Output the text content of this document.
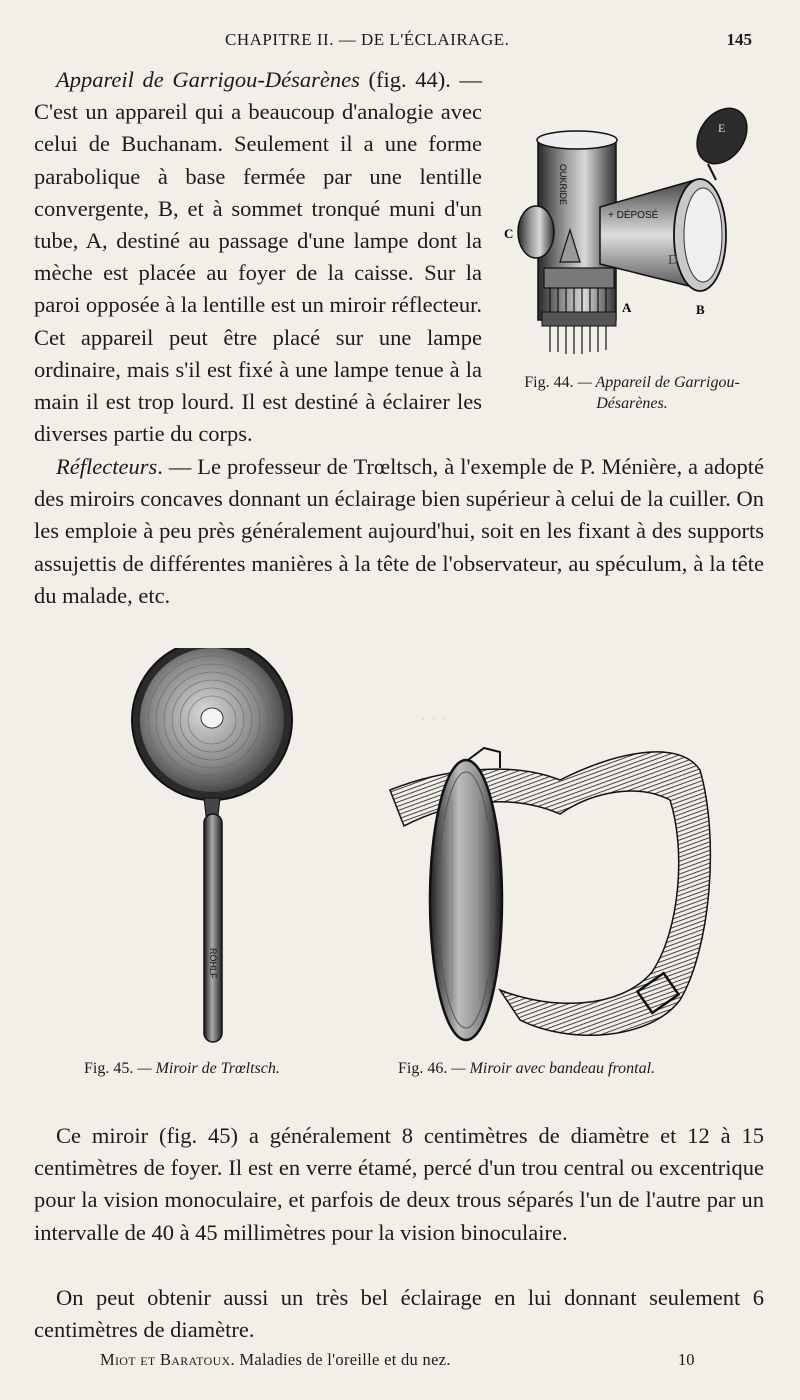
CHAPITRE II. — DE L'ÉCLAIRAGE.	145

Appareil de Garrigou-Désarènes (fig. 44). — C'est un appareil qui a beaucoup d'analogie avec celui de Buchanam. Seulement il a une forme parabolique à base fermée par une lentille convergente, B, et à sommet tronqué muni d'un tube, A, destiné au passage d'une lampe dont la mèche est placée au foyer de la caisse. Sur la paroi opposée à la lentille est un miroir réflecteur. Cet appareil peut être placé sur une lampe ordinaire, mais s'il est fixé à une lampe tenue à la main il est trop lourd. Il est destiné à éclairer les diverses partie du corps.

OUKRIDE
+ DÉPOSÉ
C
A	B
D
E
Fig. 44. — Appareil de Garrigou-Désarènes.

Réflecteurs. — Le professeur de Trœltsch, à l'exemple de P. Ménière, a adopté des miroirs concaves donnant un éclairage bien supérieur à celui de la cuiller. On les emploie à peu près généralement aujourd'hui, soit en les fixant à des supports assujettis de différentes manières à la tête de l'observateur, au spéculum, à la tête du malade, etc.

. . .
ROHLF
Fig. 45. — Miroir de Trœltsch.	Fig. 46. — Miroir avec bandeau frontal.

Ce miroir (fig. 45) a généralement 8 centimètres de diamètre et 12 à 15 centimètres de foyer. Il est en verre étamé, percé d'un trou central ou excentrique pour la vision monoculaire, et parfois de deux trous séparés l'un de l'autre par un intervalle de 40 à 45 millimètres pour la vision binoculaire.

On peut obtenir aussi un très bel éclairage en lui donnant seulement 6 centimètres de diamètre.

Miot et Baratoux. Maladies de l'oreille et du nez.	10
